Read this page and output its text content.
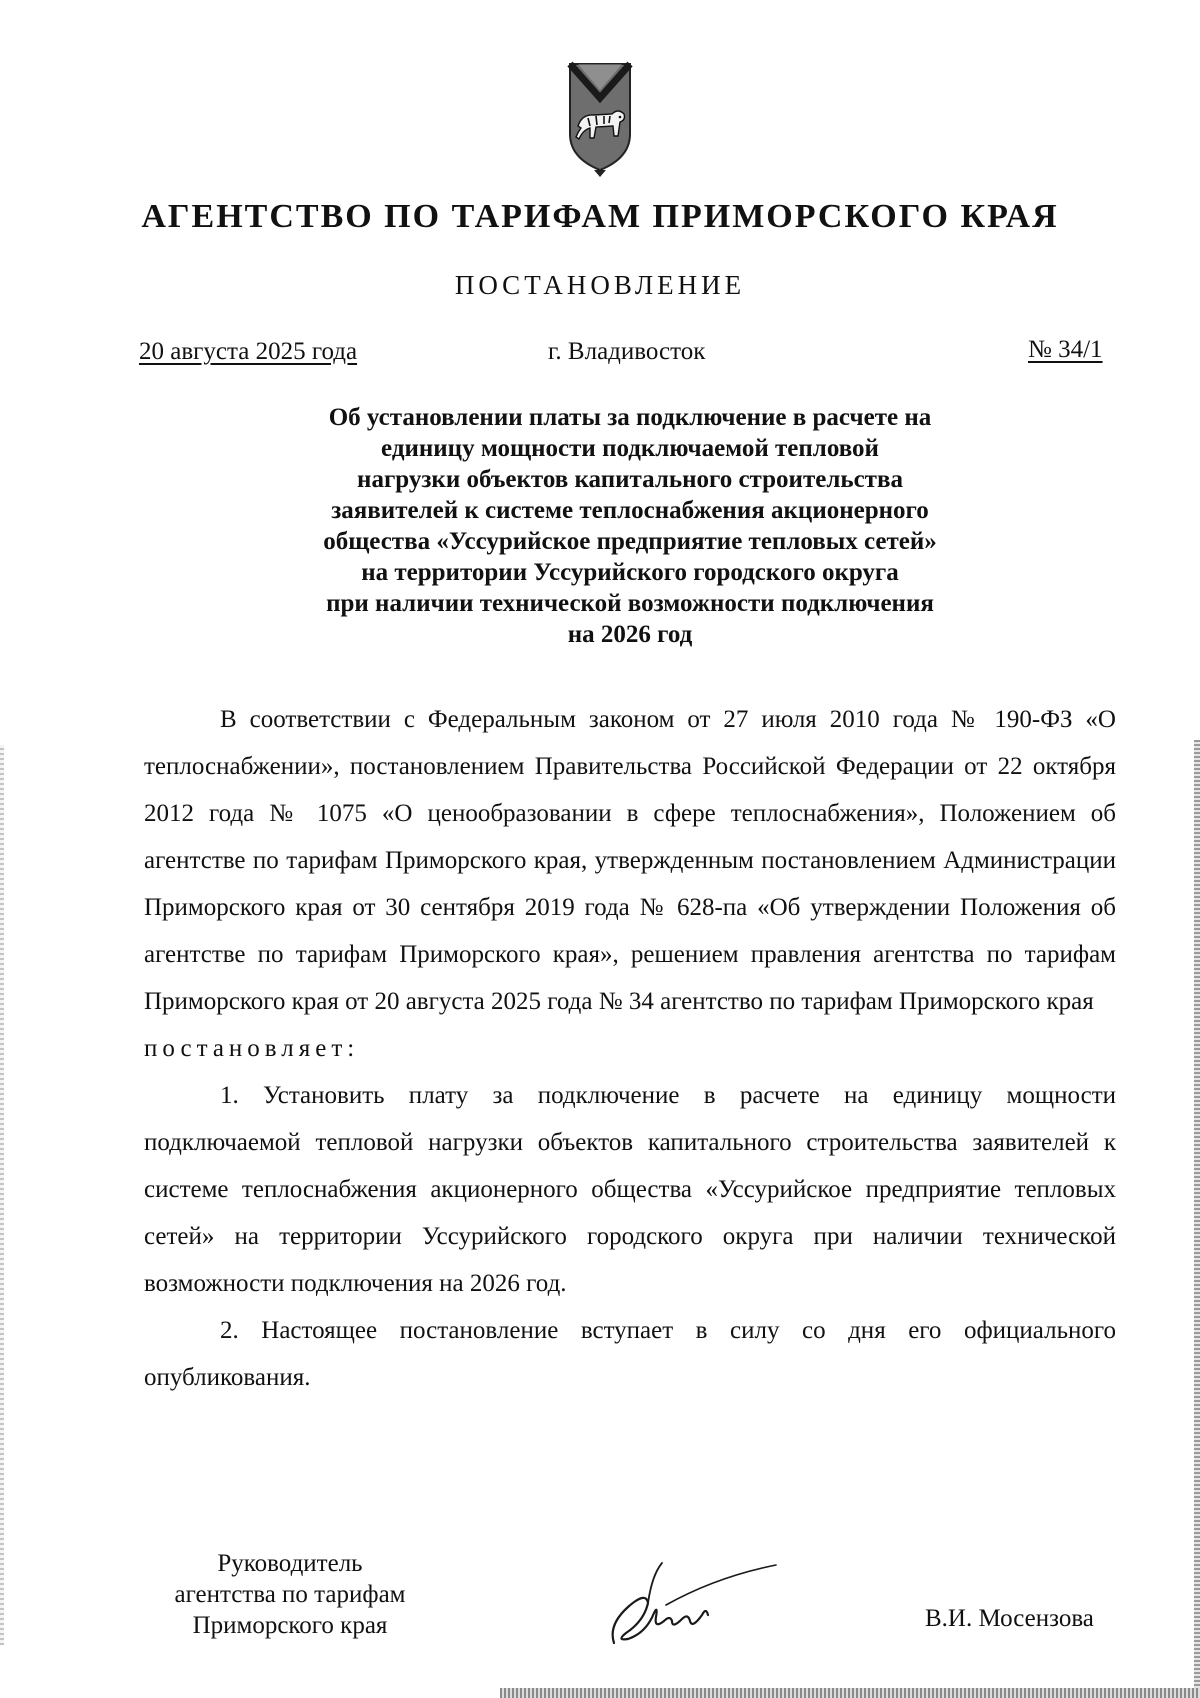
АГЕНТСТВО ПО ТАРИФАМ ПРИМОРСКОГО КРАЯ
ПОСТАНОВЛЕНИЕ
20 августа 2025 года	г. Владивосток	№ 34/1
Об установлении платы за подключение в расчете на
единицу мощности подключаемой тепловой
нагрузки объектов капитального строительства
заявителей к системе теплоснабжения акционерного
общества «Уссурийское предприятие тепловых сетей»
на территории Уссурийского городского округа
при наличии технической возможности подключения
на 2026 год

В соответствии с Федеральным законом от 27 июля 2010 года № 190-ФЗ «О теплоснабжении», постановлением Правительства Российской Федерации от 22 октября 2012 года № 1075 «О ценообразовании в сфере теплоснабжения», Положением об агентстве по тарифам Приморского края, утвержденным постановлением Администрации Приморского края от 30 сентября 2019 года № 628-па «Об утверждении Положения об агентстве по тарифам Приморского края», решением правления агентства по тарифам Приморского края от 20 августа 2025 года № 34 агентство по тарифам Приморского края

постановляет:

1. Установить плату за подключение в расчете на единицу мощности подключаемой тепловой нагрузки объектов капитального строительства заявителей к системе теплоснабжения акционерного общества «Уссурийское предприятие тепловых сетей» на территории Уссурийского городского округа при наличии технической возможности подключения на 2026 год.

2. Настоящее постановление вступает в силу со дня его официального опубликования.

Руководитель
агентства по тарифам
Приморского края	В.И. Мосензова
